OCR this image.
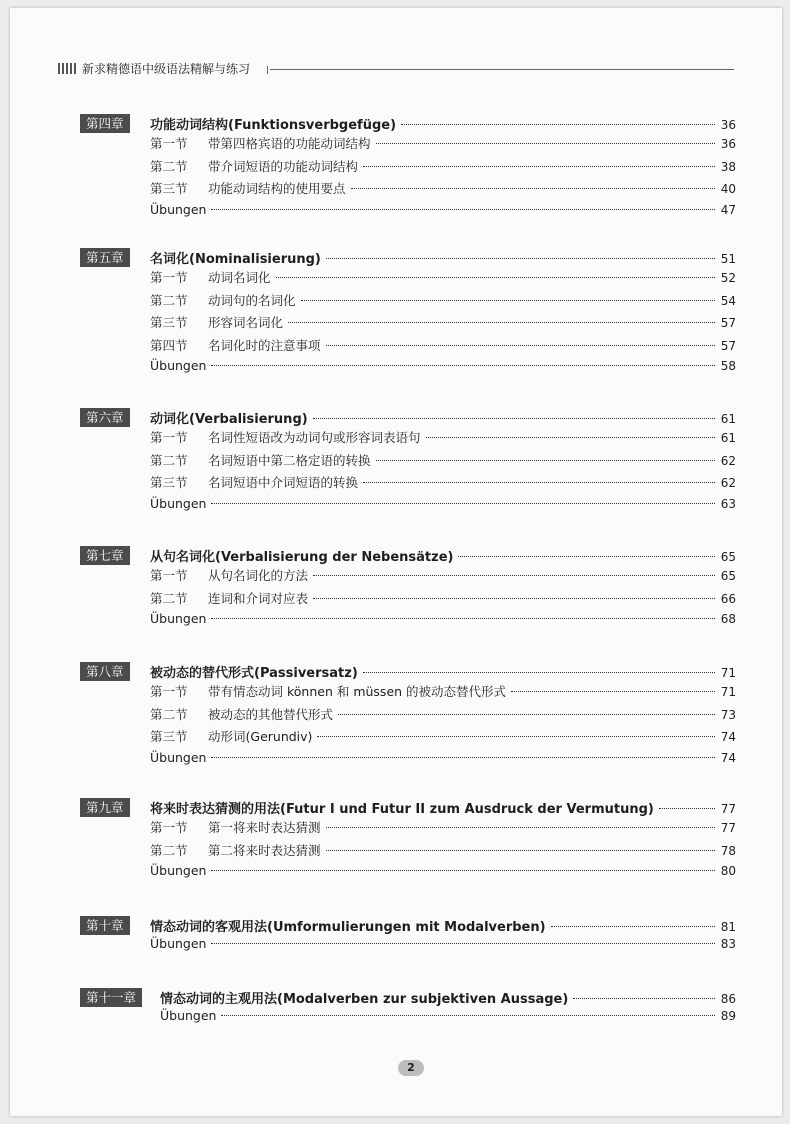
新求精德语中级语法精解与练习
第四章	功能动词结构(Funktionsverbgefüge)	36
第一节	带第四格宾语的功能动词结构	36
第二节	带介词短语的功能动词结构	38
第三节	功能动词结构的使用要点	40
Übungen	47
第五章	名词化(Nominalisierung)	51
第一节	动词名词化	52
第二节	动词句的名词化	54
第三节	形容词名词化	57
第四节	名词化时的注意事项	57
Übungen	58
第六章	动词化(Verbalisierung)	61
第一节	名词性短语改为动词句或形容词表语句	61
第二节	名词短语中第二格定语的转换	62
第三节	名词短语中介词短语的转换	62
Übungen	63
第七章	从句名词化(Verbalisierung der Nebensätze)	65
第一节	从句名词化的方法	65
第二节	连词和介词对应表	66
Übungen	68
第八章	被动态的替代形式(Passiversatz)	71
第一节	带有情态动词 können 和 müssen 的被动态替代形式	71
第二节	被动态的其他替代形式	73
第三节	动形词(Gerundiv)	74
Übungen	74
第九章	将来时表达猜测的用法(Futur I und Futur II zum Ausdruck der Vermutung)	77
第一节	第一将来时表达猜测	77
第二节	第二将来时表达猜测	78
Übungen	80
第十章	情态动词的客观用法(Umformulierungen mit Modalverben)	81
Übungen	83
第十一章	情态动词的主观用法(Modalverben zur subjektiven Aussage)	86
Übungen	89
2
